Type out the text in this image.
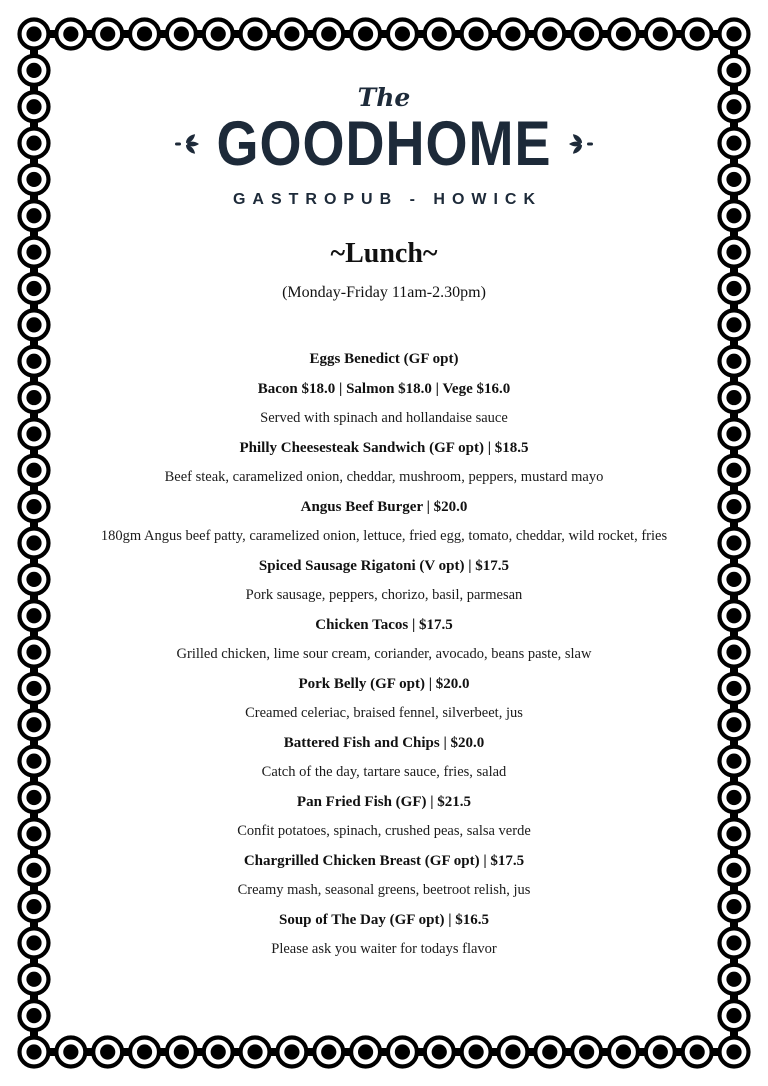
The
GOODHOME
GASTROPUB - HOWICK
~Lunch~
(Monday-Friday 11am-2.30pm)

Eggs Benedict (GF opt)

Bacon $18.0 | Salmon $18.0 | Vege $16.0

Served with spinach and hollandaise sauce

Philly Cheesesteak Sandwich (GF opt) | $18.5

Beef steak, caramelized onion, cheddar, mushroom, peppers, mustard mayo

Angus Beef Burger | $20.0

180gm Angus beef patty, caramelized onion, lettuce, fried egg, tomato, cheddar, wild rocket, fries

Spiced Sausage Rigatoni (V opt) | $17.5

Pork sausage, peppers, chorizo, basil, parmesan

Chicken Tacos | $17.5

Grilled chicken, lime sour cream, coriander, avocado, beans paste, slaw

Pork Belly (GF opt) | $20.0

Creamed celeriac, braised fennel, silverbeet, jus

Battered Fish and Chips | $20.0

Catch of the day, tartare sauce, fries, salad

Pan Fried Fish (GF) | $21.5

Confit potatoes, spinach, crushed peas, salsa verde

Chargrilled Chicken Breast (GF opt) | $17.5

Creamy mash, seasonal greens, beetroot relish, jus

Soup of The Day (GF opt) | $16.5

Please ask you waiter for todays flavor
